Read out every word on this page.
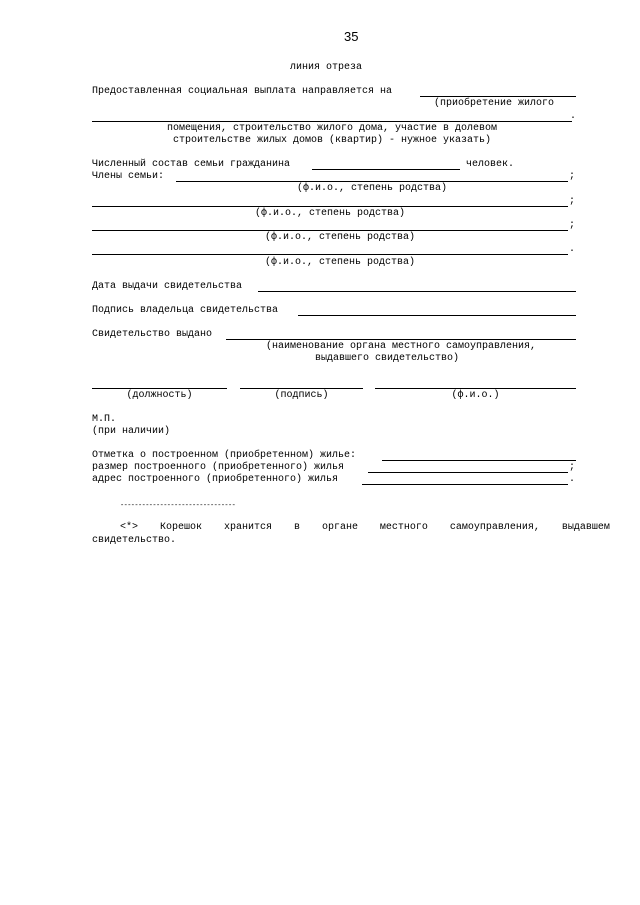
35
линия отреза
Предоставленная социальная выплата направляется на
(приобретение жилого
.
помещения, строительство жилого дома, участие в долевом
строительстве жилых домов (квартир) - нужное указать)
Численный состав семьи гражданина	человек.
Члены семьи:	;
(ф.и.о., степень родства)
;
(ф.и.о., степень родства)
;
(ф.и.о., степень родства)
.
(ф.и.о., степень родства)
Дата выдачи свидетельства
Подпись владельца свидетельства
Свидетельство выдано
(наименование органа местного самоуправления,
выдавшего свидетельство)
(должность)	(подпись)	(ф.и.о.)
М.П.
(при наличии)
Отметка о построенном (приобретенном) жилье:
размер построенного (приобретенного) жилья	;
адрес построенного (приобретенного) жилья	.
--------------------------------
<*> Корешок хранится в органе местного самоуправления, выдавшем
свидетельство.
